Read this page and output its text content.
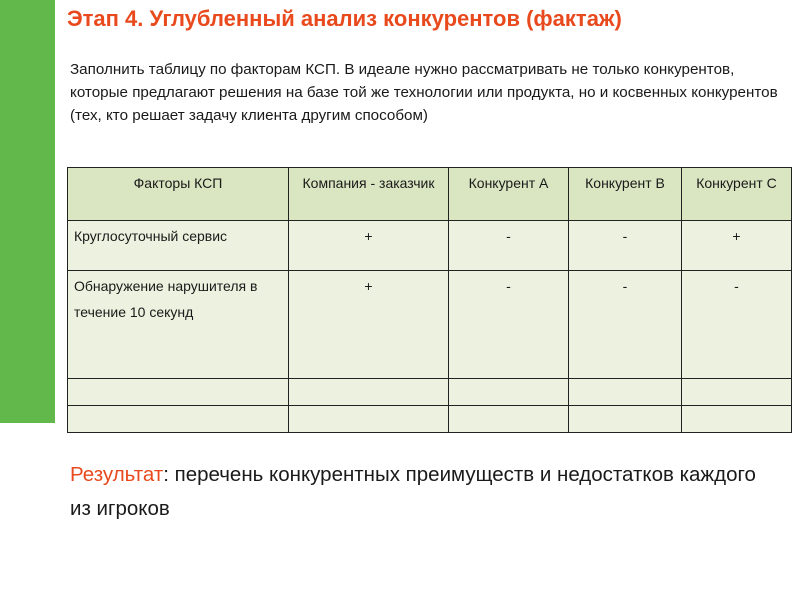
Этап 4. Углубленный анализ конкурентов (фактаж)

Заполнить таблицу по факторам КСП. В идеале нужно рассматривать не только конкурентов, которые предлагают решения на базе той же технологии или продукта, но и косвенных конкурентов (тех, кто решает задачу клиента другим способом)

Факторы КСП	Компания - заказчик	Конкурент А	Конкурент В	Конкурент С
Круглосуточный сервис	+	-	-	+
Обнаружение нарушителя в течение 10 секунд	+	-	-	-

Результат: перечень конкурентных преимуществ и недостатков каждого из игроков
